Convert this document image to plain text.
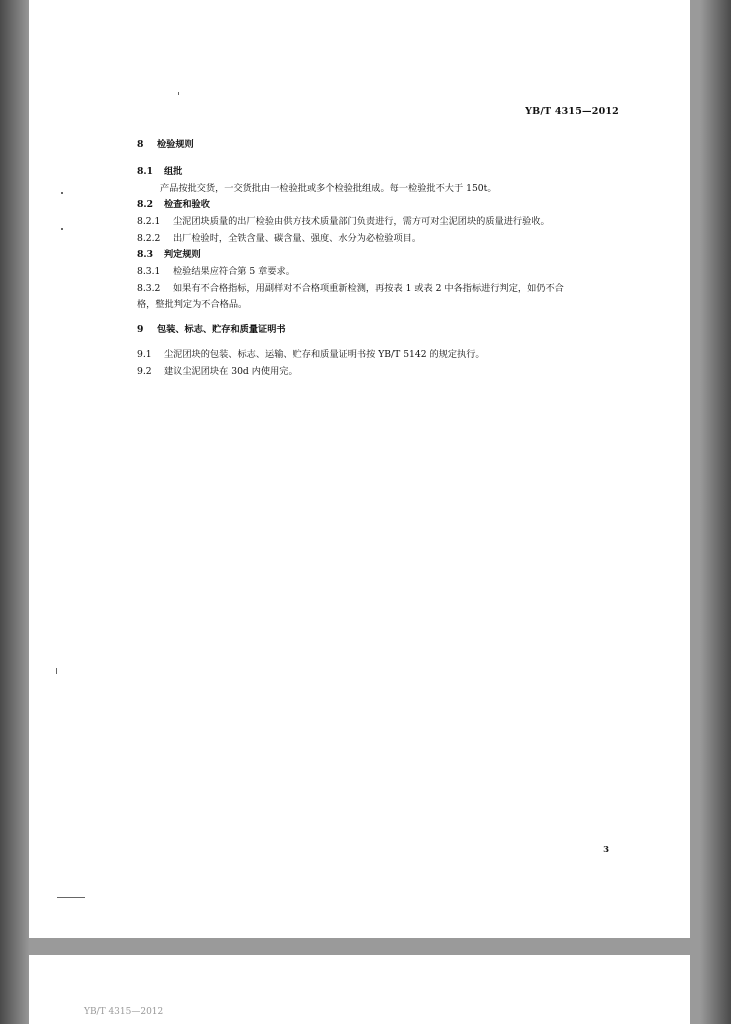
YB/T 4315—2012
8 检验规则
8.1 组批
产品按批交货，一交货批由一检验批或多个检验批组成。每一检验批不大于 150t。
8.2 检查和验收
8.2.1 尘泥团块质量的出厂检验由供方技术质量部门负责进行，需方可对尘泥团块的质量进行验收。
8.2.2 出厂检验时，全铁含量、碳含量、强度、水分为必检验项目。
8.3 判定规则
8.3.1 检验结果应符合第 5 章要求。
8.3.2 如果有不合格指标，用副样对不合格项重新检测，再按表 1 或表 2 中各指标进行判定，如仍不合
格，整批判定为不合格品。
9 包装、标志、贮存和质量证明书
9.1 尘泥团块的包装、标志、运输、贮存和质量证明书按 YB/T 5142 的规定执行。
9.2 建议尘泥团块在 30d 内使用完。
3
YB/T 4315—2012
